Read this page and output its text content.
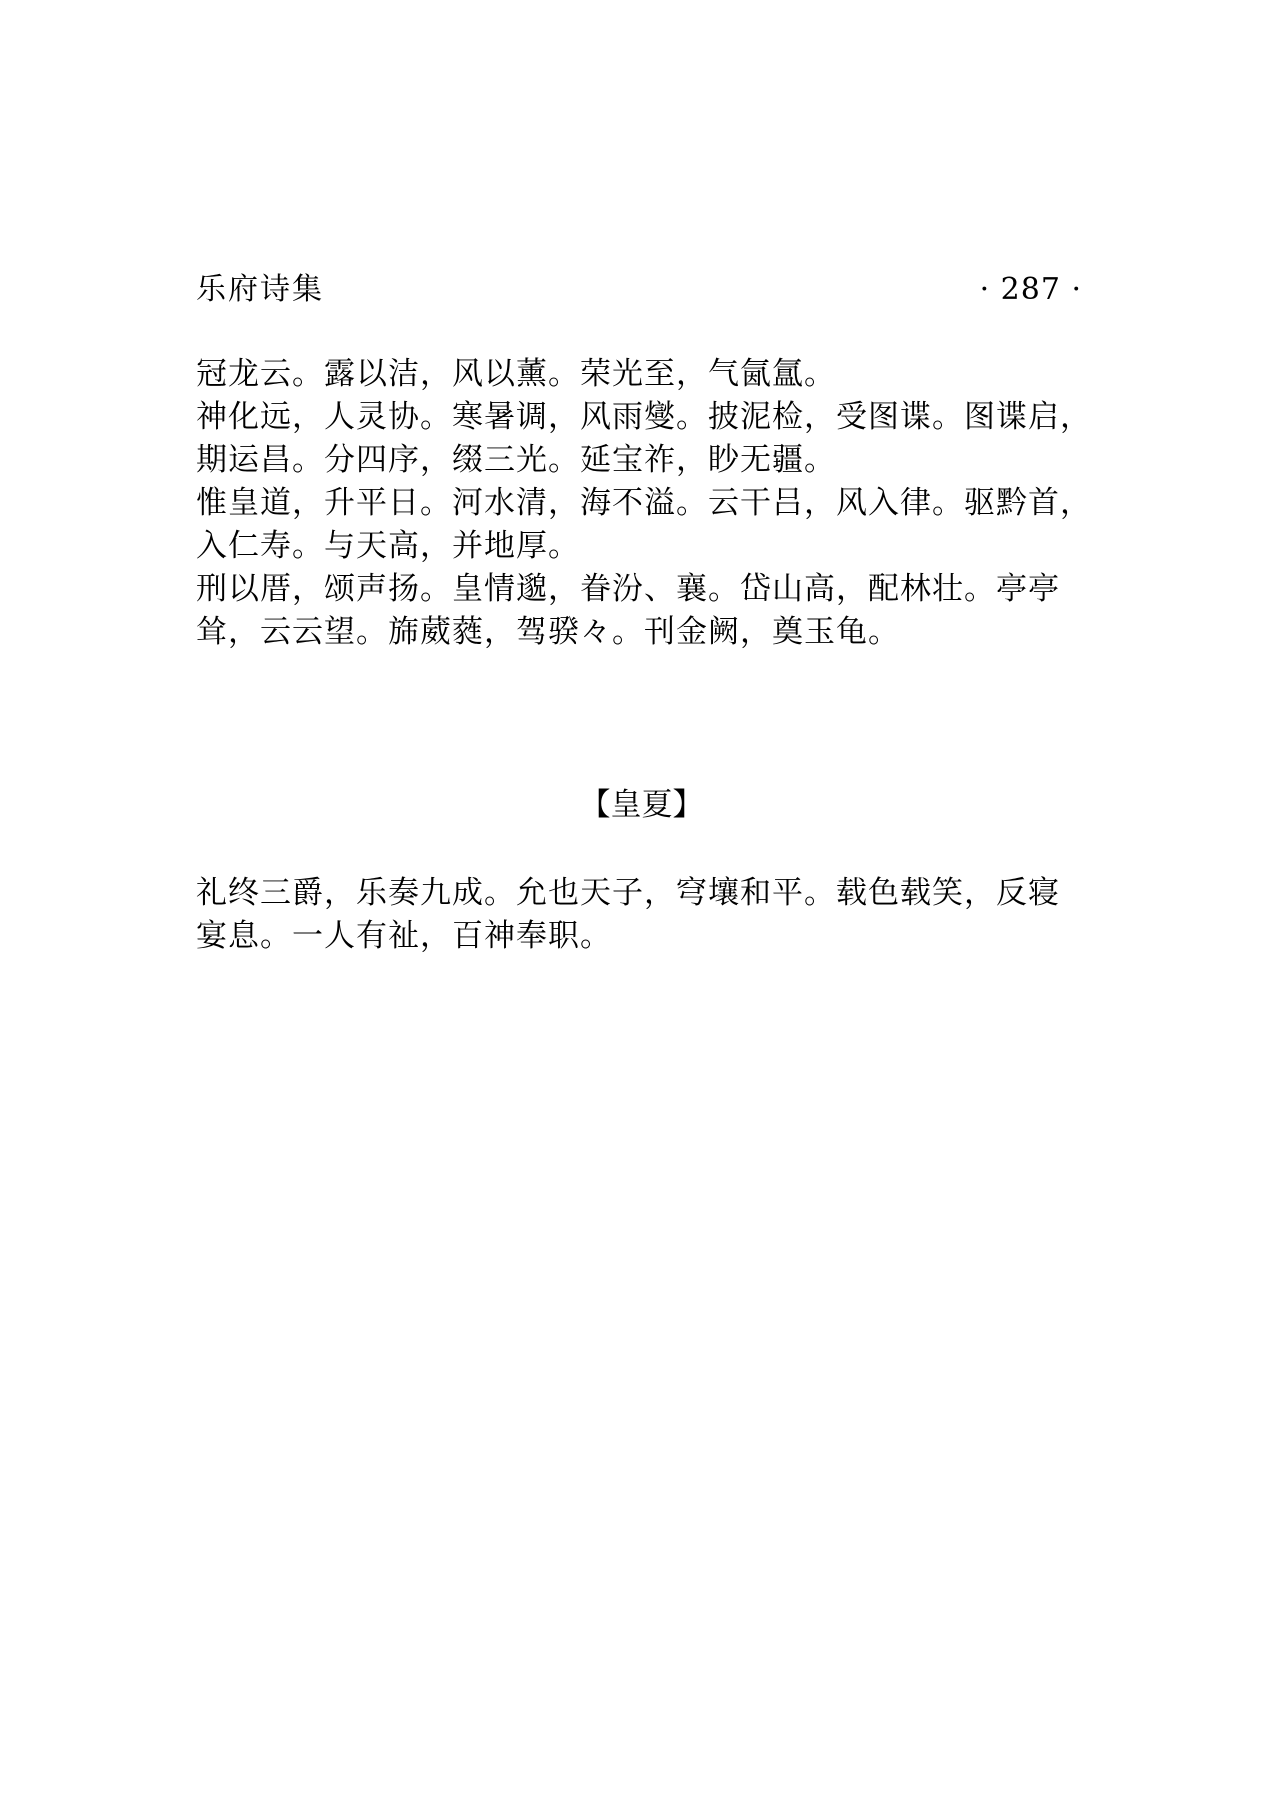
乐府诗集	· 287 ·
冠龙云。露以洁，风以薰。荣光至，气氤氲。
神化远，人灵协。寒暑调，风雨燮。披泥检，受图谍。图谍启，
期运昌。分四序，缀三光。延宝祚，眇无疆。
惟皇道，升平日。河水清，海不溢。云干吕，风入律。驱黔首，
入仁寿。与天高，并地厚。
刑以厝，颂声扬。皇情邈，眷汾、襄。岱山高，配林壮。亭亭
耸，云云望。旆葳蕤，驾骙々。刊金阙，奠玉龟。
【皇夏】
礼终三爵，乐奏九成。允也天子，穹壤和平。载色载笑，反寝
宴息。一人有祉，百神奉职。
